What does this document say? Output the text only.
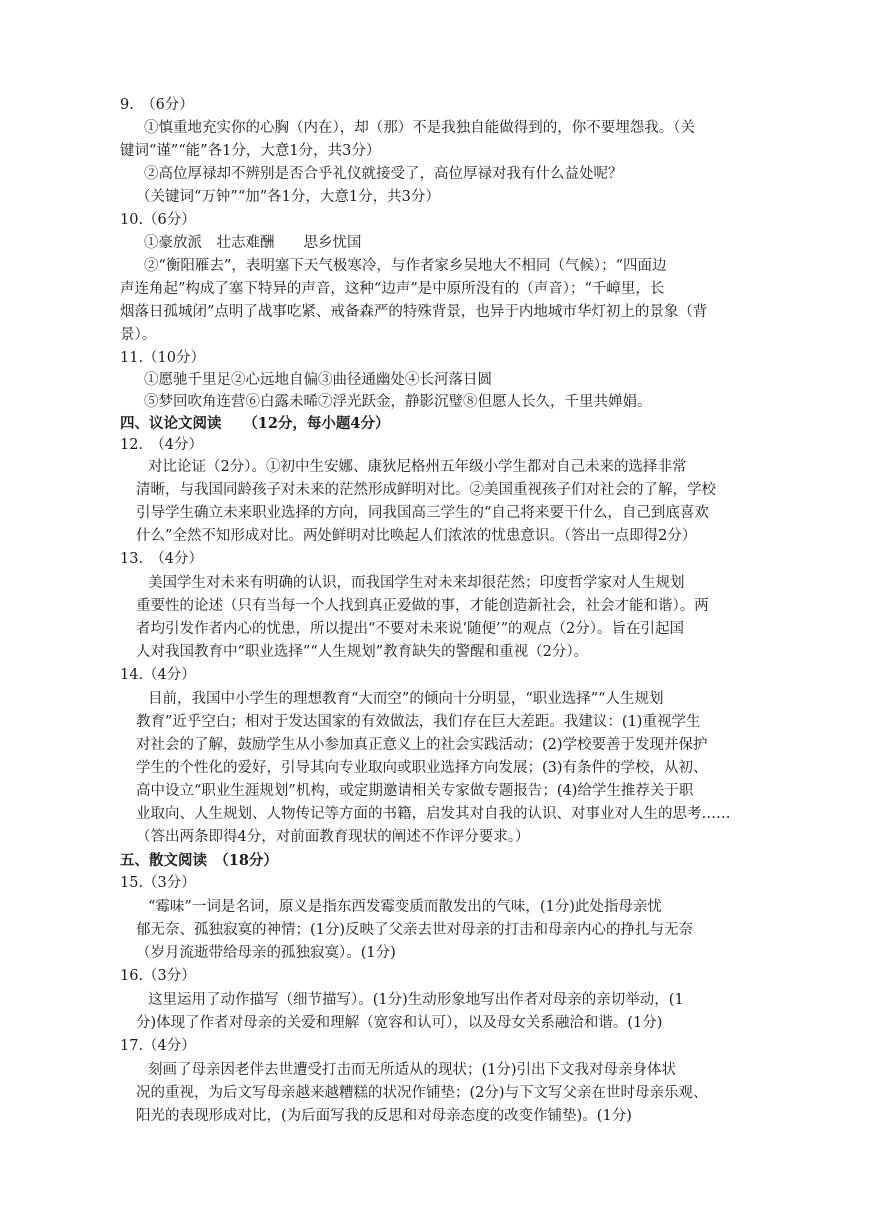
9.　（6分）
①慎重地充实你的心胸（内在），却（那）不是我独自能做得到的，你不要埋怨我。（关
键词“谨”“能”各1分，大意1分，共3分）
②高位厚禄却不辨别是否合乎礼仪就接受了，高位厚禄对我有什么益处呢？
（关键词“万钟”“加”各1分，大意1分，共3分）
10.（6分）
①豪放派　壮志难酬　　思乡忧国
②“衡阳雁去”，表明塞下天气极寒冷，与作者家乡吴地大不相同（气候）；“四面边
声连角起”构成了塞下特异的声音，这种“边声”是中原所没有的（声音）；“千嶂里，长
烟落日孤城闭”点明了战事吃紧、戒备森严的特殊背景，也异于内地城市华灯初上的景象（背
景）。
11.（10分）
①愿驰千里足②心远地自偏③曲径通幽处④长河落日圆
⑤梦回吹角连营⑥白露未晞⑦浮光跃金，静影沉璧⑧但愿人长久，千里共婵娟。
四、议论文阅读　　（12分，每小题4分）
12.　（4分）
对比论证（2分）。①初中生安娜、康狄尼格州五年级小学生都对自己未来的选择非常
清晰，与我国同龄孩子对未来的茫然形成鲜明对比。②美国重视孩子们对社会的了解，学校
引导学生确立未来职业选择的方向，同我国高三学生的“自己将来要干什么，自己到底喜欢
什么”全然不知形成对比。两处鲜明对比唤起人们浓浓的忧患意识。（答出一点即得2分）
13.　（4分）
美国学生对未来有明确的认识，而我国学生对未来却很茫然；印度哲学家对人生规划
重要性的论述（只有当每一个人找到真正爱做的事，才能创造新社会，社会才能和谐）。两
者均引发作者内心的忧患，所以提出“不要对未来说‘随便’”的观点（2分）。旨在引起国
人对我国教育中“职业选择”“人生规划”教育缺失的警醒和重视（2分）。
14.（4分）
目前，我国中小学生的理想教育“大而空”的倾向十分明显，“职业选择”“人生规划
教育”近乎空白；相对于发达国家的有效做法，我们存在巨大差距。我建议：(1)重视学生
对社会的了解，鼓励学生从小参加真正意义上的社会实践活动；(2)学校要善于发现并保护
学生的个性化的爱好，引导其向专业取向或职业选择方向发展；(3)有条件的学校，从初、
高中设立“职业生涯规划”机构，或定期邀请相关专家做专题报告；(4)给学生推荐关于职
业取向、人生规划、人物传记等方面的书籍，启发其对自我的认识、对事业对人生的思考……
（答出两条即得4分，对前面教育现状的阐述不作评分要求。）
五、散文阅读　（18分）
15.（3分）
“霉味”一词是名词，原义是指东西发霉变质而散发出的气味，(1分)此处指母亲忧
郁无奈、孤独寂寞的神情；(1分)反映了父亲去世对母亲的打击和母亲内心的挣扎与无奈
（岁月流逝带给母亲的孤独寂寞）。(1分)
16.（3分）
这里运用了动作描写（细节描写）。(1分)生动形象地写出作者对母亲的亲切举动，(1
分)体现了作者对母亲的关爱和理解（宽容和认可），以及母女关系融洽和谐。(1分)
17.（4分）
刻画了母亲因老伴去世遭受打击而无所适从的现状；(1分)引出下文我对母亲身体状
况的重视，为后文写母亲越来越糟糕的状况作铺垫；(2分)与下文写父亲在世时母亲乐观、
阳光的表现形成对比，(为后面写我的反思和对母亲态度的改变作铺垫)。(1分)
